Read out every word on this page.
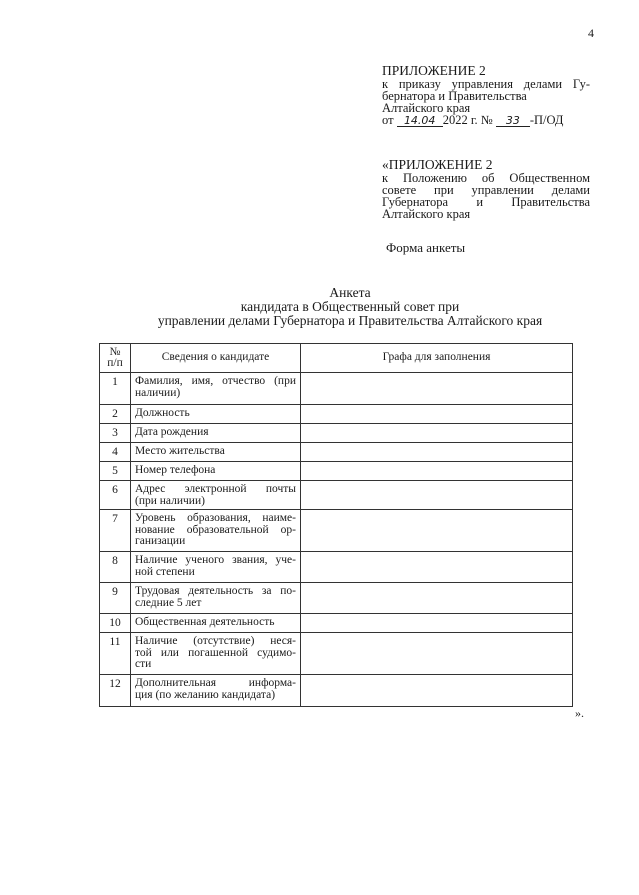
4
ПРИЛОЖЕНИЕ 2
к приказу управления делами Гу-
бернатора и Правительства
Алтайского края
от 14.04 2022 г. № 33 -П/ОД
«ПРИЛОЖЕНИЕ 2
к Положению об Общественном
совете при управлении делами
Губернатора и Правительства
Алтайского края
Форма анкеты
Анкета
кандидата в Общественный совет при
управлении делами Губернатора и Правительства Алтайского края
№
п/п	Сведения о кандидате	Графа для заполнения
1	Фамилия, имя, отчество (при
наличии)	

2	Должность	

3	Дата рождения	

4	Место жительства	

5	Номер телефона	

6	Адрес электронной почты
(при наличии)	

7	Уровень образования, наиме-
нование образовательной ор-
ганизации	

8	Наличие ученого звания, уче-
ной степени	

9	Трудовая деятельность за по-
следние 5 лет	

10	Общественная деятельность	

11	Наличие (отсутствие) неся-
той или погашенной судимо-
сти	

12	Дополнительная информа-
ция (по желанию кандидата)	

».
